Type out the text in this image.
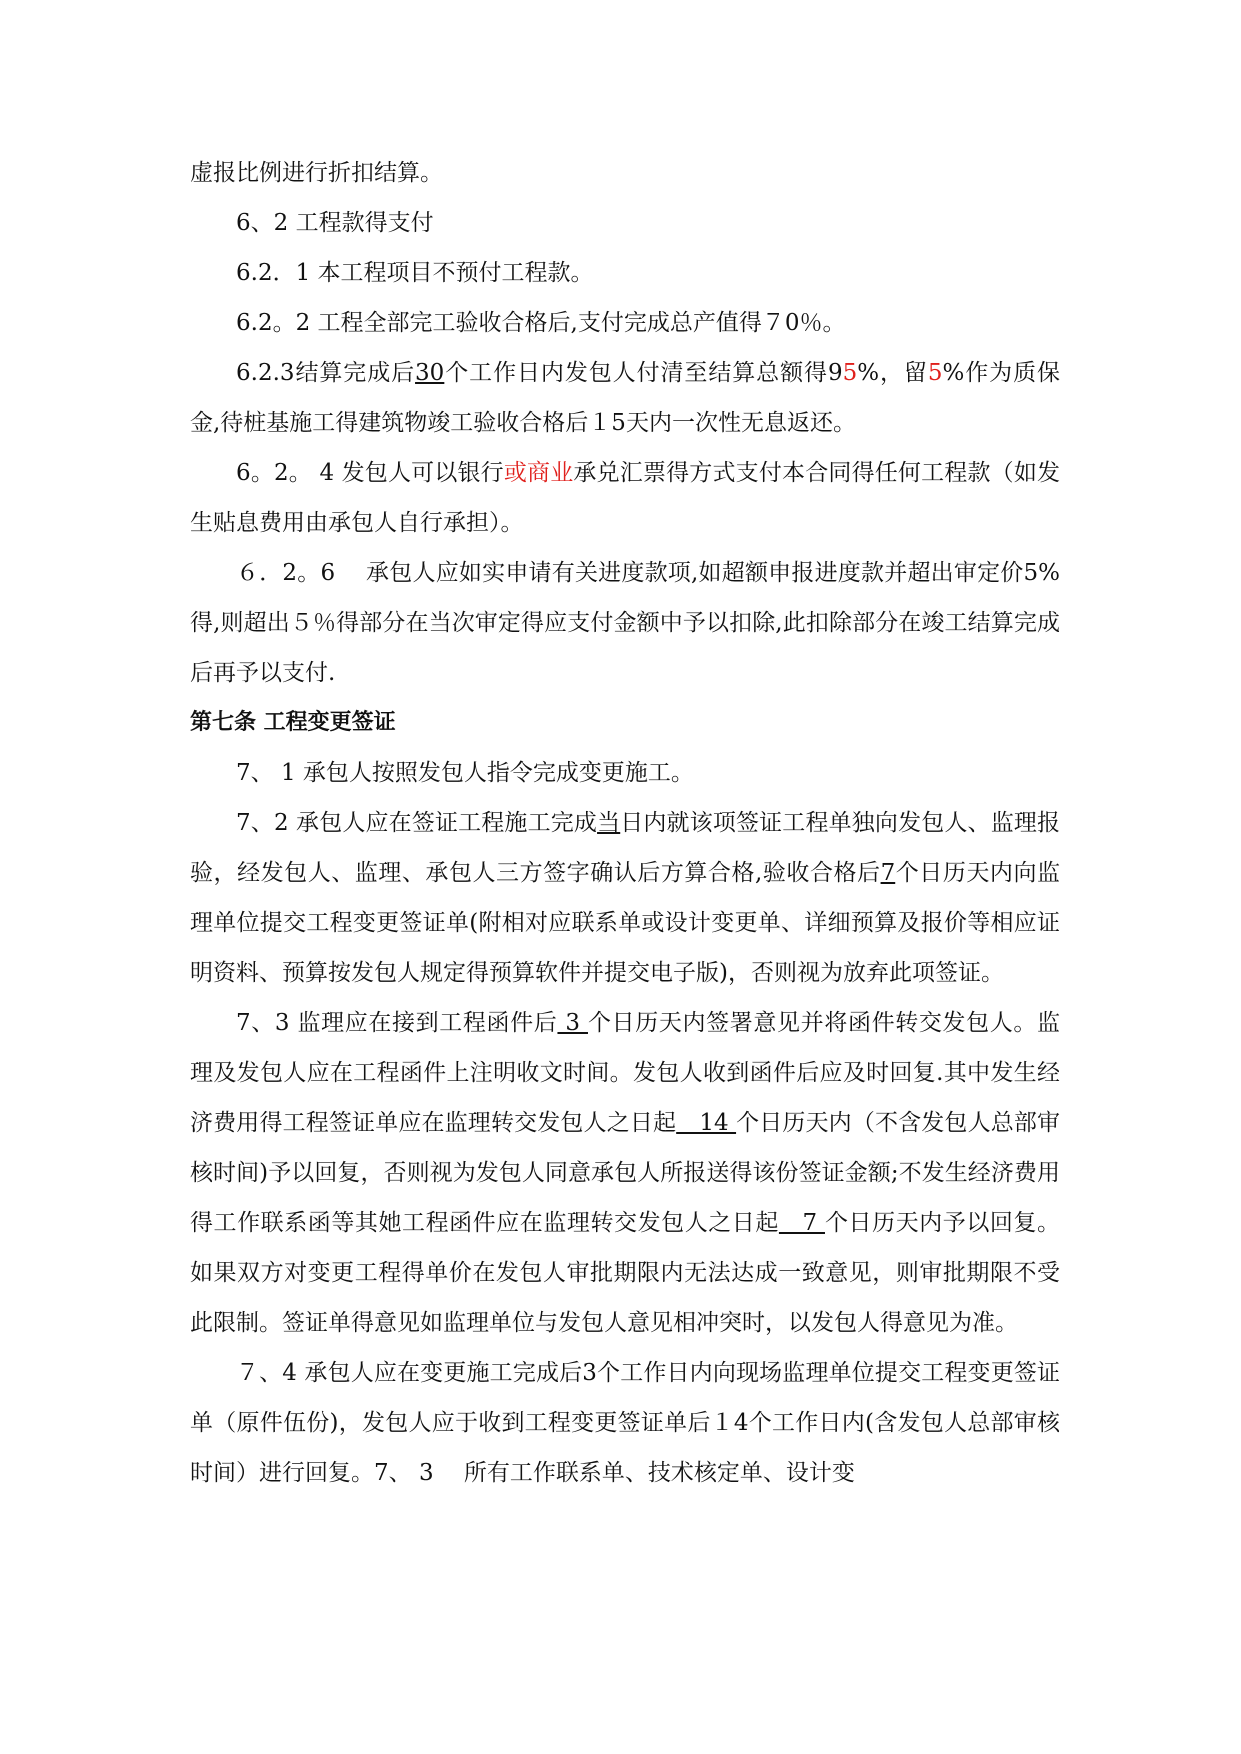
虚报比例进行折扣结算。

6、2 工程款得支付

6.2．1 本工程项目不预付工程款。

6.2。2 工程全部完工验收合格后,支付完成总产值得７0％。

6.2.3结算完成后30个工作日内发包人付清至结算总额得95%，留5%作为质保金,待桩基施工得建筑物竣工验收合格后１5天内一次性无息返还。

6。2。 4 发包人可以银行或商业承兑汇票得方式支付本合同得任何工程款（如发生贴息费用由承包人自行承担）。

６．2。6　 承包人应如实申请有关进度款项,如超额申报进度款并超出审定价5%得,则超出５％得部分在当次审定得应支付金额中予以扣除,此扣除部分在竣工结算完成后再予以支付.

第七条 工程变更签证

7、 1 承包人按照发包人指令完成变更施工。

7、2 承包人应在签证工程施工完成当日内就该项签证工程单独向发包人、监理报验，经发包人、监理、承包人三方签字确认后方算合格,验收合格后7个日历天内向监理单位提交工程变更签证单(附相对应联系单或设计变更单、详细预算及报价等相应证明资料、预算按发包人规定得预算软件并提交电子版)，否则视为放弃此项签证。

7、3 监理应在接到工程函件后 3 个日历天内签署意见并将函件转交发包人。监理及发包人应在工程函件上注明收文时间。发包人收到函件后应及时回复.其中发生经济费用得工程签证单应在监理转交发包人之日起　14 个日历天内（不含发包人总部审核时间)予以回复，否则视为发包人同意承包人所报送得该份签证金额;不发生经济费用得工作联系函等其她工程函件应在监理转交发包人之日起　7 个日历天内予以回复。如果双方对变更工程得单价在发包人审批期限内无法达成一致意见，则审批期限不受此限制。签证单得意见如监理单位与发包人意见相冲突时，以发包人得意见为准。

７、4 承包人应在变更施工完成后3个工作日内向现场监理单位提交工程变更签证单（原件伍份)，发包人应于收到工程变更签证单后１4个工作日内(含发包人总部审核时间）进行回复。7、 3　 所有工作联系单、技术核定单、设计变
